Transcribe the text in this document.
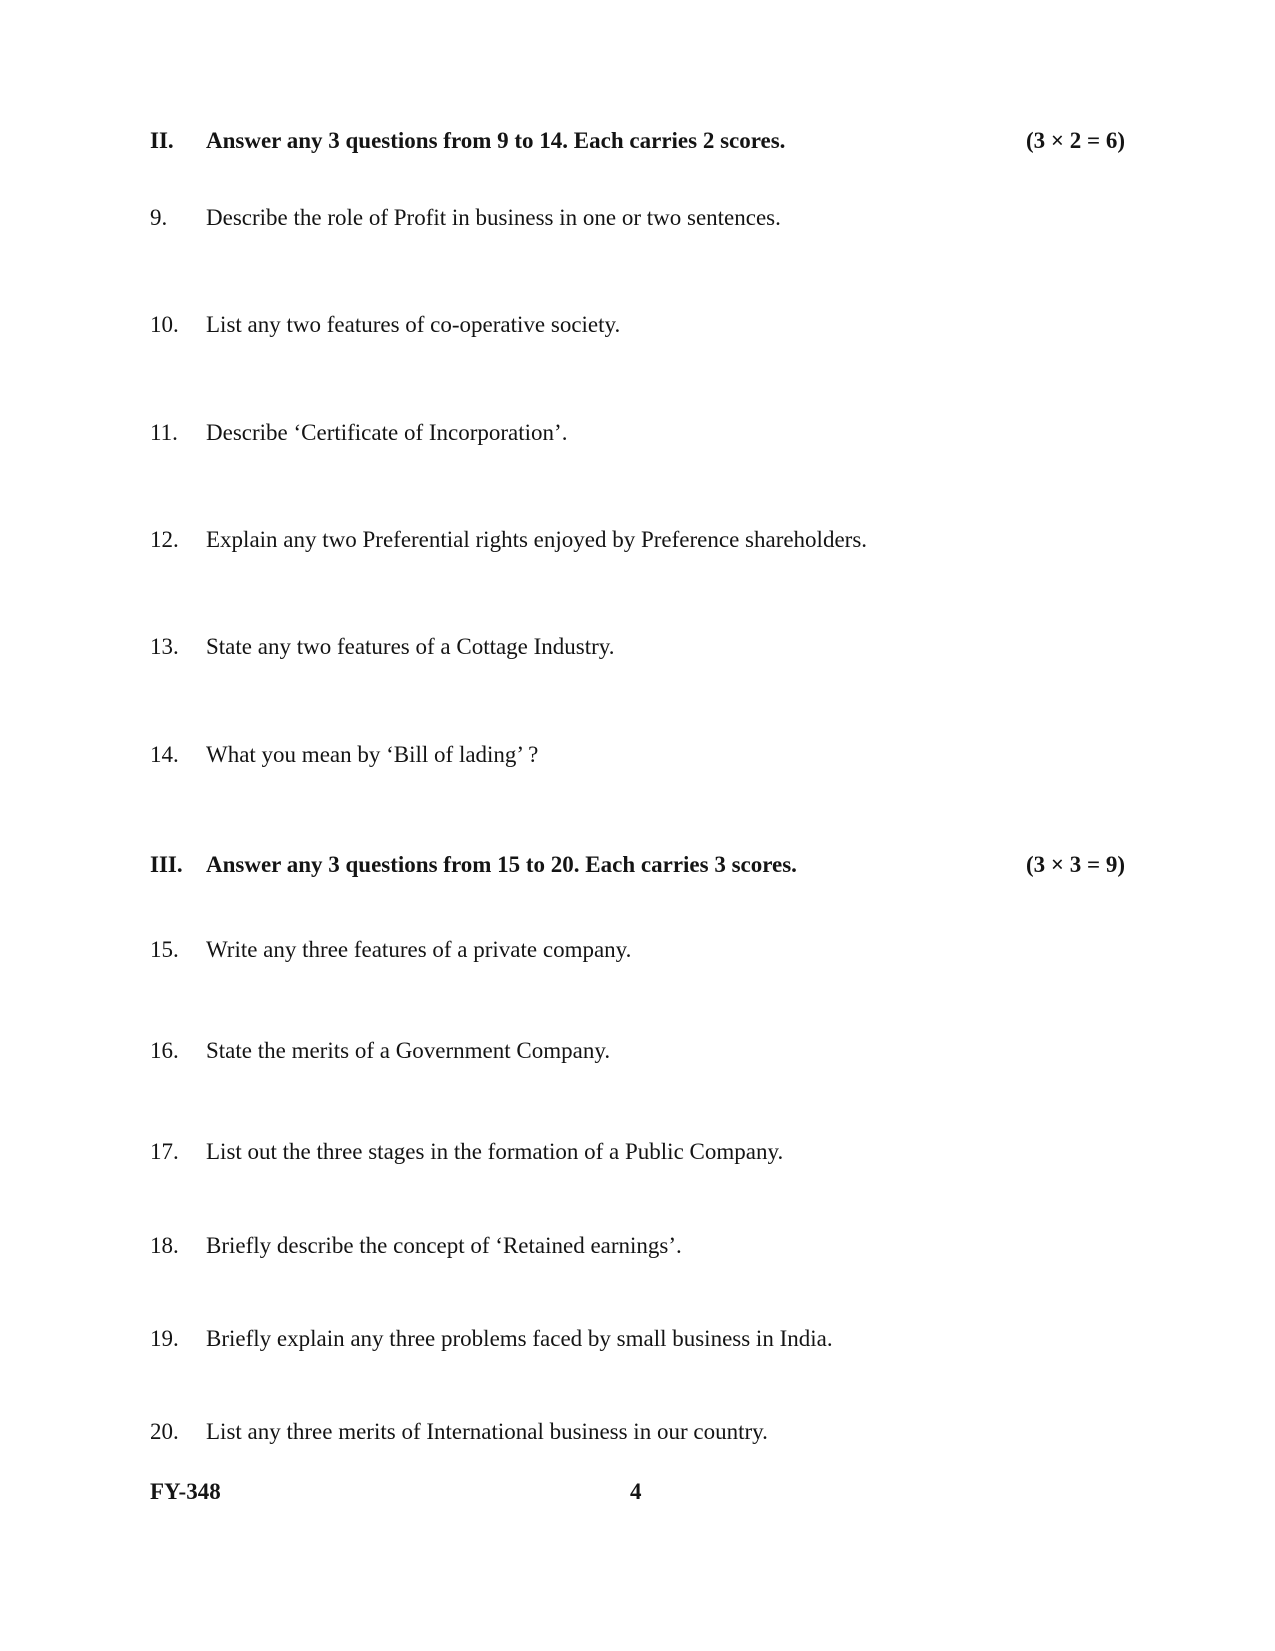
II. Answer any 3 questions from 9 to 14. Each carries 2 scores.	(3 × 2 = 6)
9. Describe the role of Profit in business in one or two sentences.
10. List any two features of co-operative society.
11. Describe ‘Certificate of Incorporation’.
12. Explain any two Preferential rights enjoyed by Preference shareholders.
13. State any two features of a Cottage Industry.
14. What you mean by ‘Bill of lading’ ?
III. Answer any 3 questions from 15 to 20. Each carries 3 scores.	(3 × 3 = 9)
15. Write any three features of a private company.
16. State the merits of a Government Company.
17. List out the three stages in the formation of a Public Company.
18. Briefly describe the concept of ‘Retained earnings’.
19. Briefly explain any three problems faced by small business in India.
20. List any three merits of International business in our country.
FY-348	4
